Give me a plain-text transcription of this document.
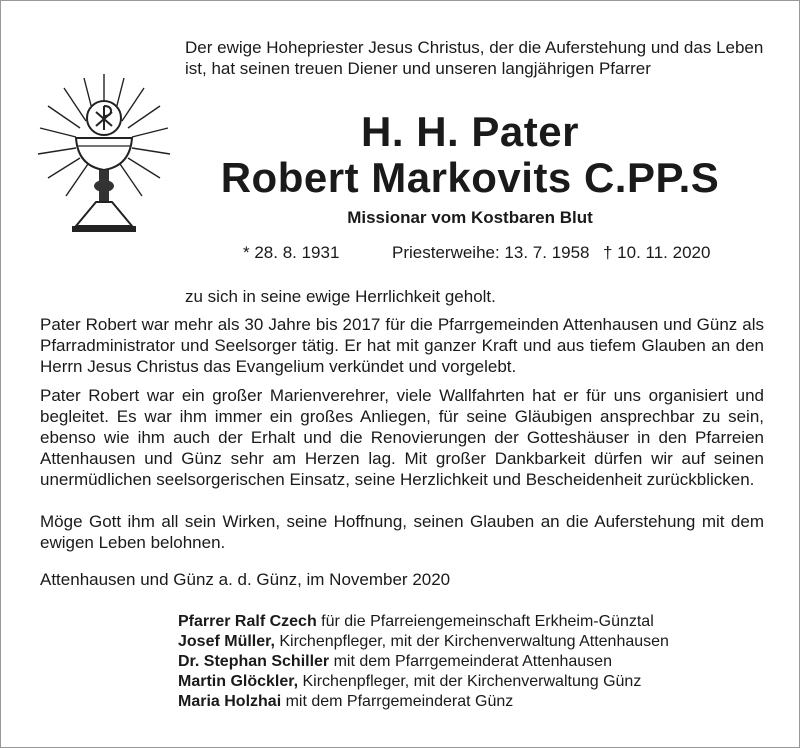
Der ewige Hohepriester Jesus Christus, der die Auferstehung und das Leben ist, hat seinen treuen Diener und unseren langjährigen Pfarrer
H. H. Pater
Robert Markovits C.PP.S
Missionar vom Kostbaren Blut
* 28. 8. 1931	Priesterweihe: 13. 7. 1958 † 10. 11. 2020
zu sich in seine ewige Herrlichkeit geholt.
Pater Robert war mehr als 30 Jahre bis 2017 für die Pfarrgemeinden Attenhausen und Günz als Pfarradministrator und Seelsorger tätig. Er hat mit ganzer Kraft und aus tiefem Glauben an den Herrn Jesus Christus das Evangelium verkündet und vorgelebt.
Pater Robert war ein großer Marienverehrer, viele Wallfahrten hat er für uns organisiert und begleitet. Es war ihm immer ein großes Anliegen, für seine Gläubigen ansprechbar zu sein, ebenso wie ihm auch der Erhalt und die Renovierungen der Gotteshäuser in den Pfarreien Attenhausen und Günz sehr am Herzen lag. Mit großer Dankbarkeit dürfen wir auf seinen unermüdlichen seelsorgerischen Einsatz, seine Herzlichkeit und Bescheidenheit zurückblicken.
Möge Gott ihm all sein Wirken, seine Hoffnung, seinen Glauben an die Auferstehung mit dem ewigen Leben belohnen.
Attenhausen und Günz a. d. Günz, im November 2020
Pfarrer Ralf Czech für die Pfarreiengemeinschaft Erkheim-Günztal
Josef Müller, Kirchenpfleger, mit der Kirchenverwaltung Attenhausen
Dr. Stephan Schiller mit dem Pfarrgemeinderat Attenhausen
Martin Glöckler, Kirchenpfleger, mit der Kirchenverwaltung Günz
Maria Holzhai mit dem Pfarrgemeinderat Günz
